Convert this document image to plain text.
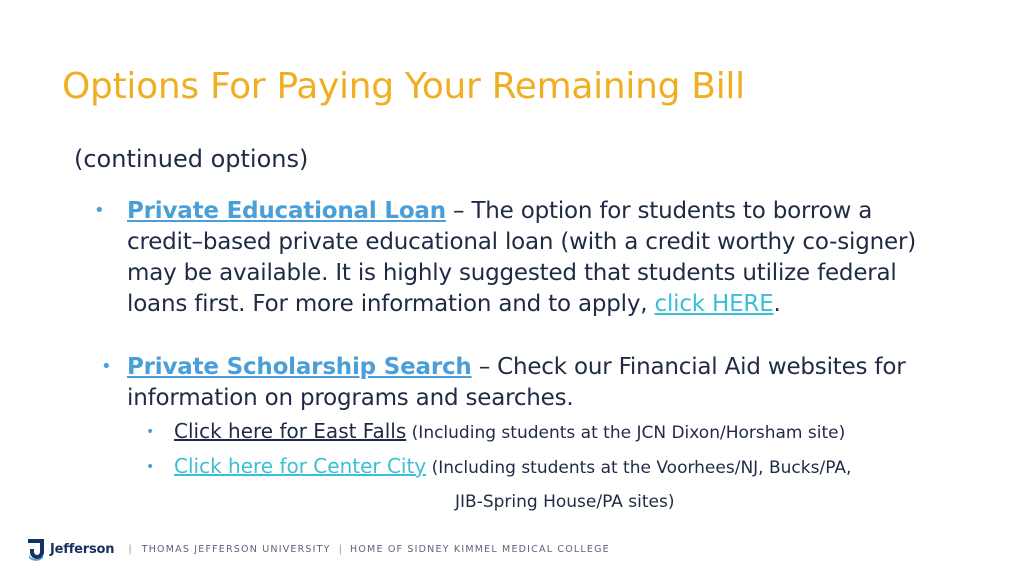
Options For Paying Your Remaining Bill
(continued options)
• Private Educational Loan – The option for students to borrow a
credit–based private educational loan (with a credit worthy co-signer)
may be available. It is highly suggested that students utilize federal
loans first. For more information and to apply, click HERE.
• Private Scholarship Search – Check our Financial Aid websites for
information on programs and searches.
• Click here for East Falls (Including students at the JCN Dixon/Horsham site)
• Click here for Center City (Including students at the Voorhees/NJ, Bucks/PA,
JIB-Spring House/PA sites)
Jefferson | THOMAS JEFFERSON UNIVERSITY | HOME OF SIDNEY KIMMEL MEDICAL COLLEGE
